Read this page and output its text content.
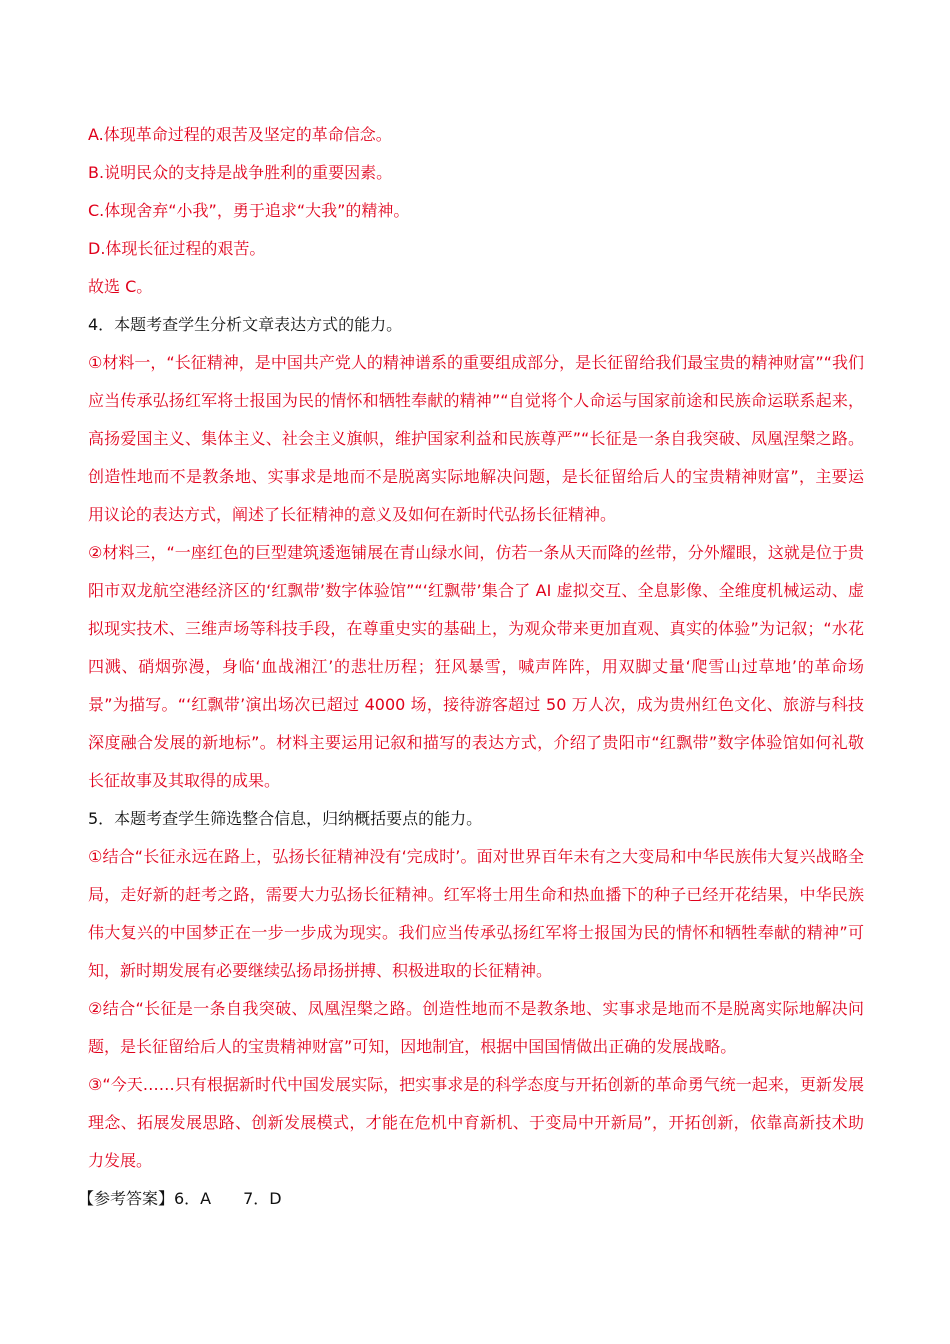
A.体现革命过程的艰苦及坚定的革命信念。

B.说明民众的支持是战争胜利的重要因素。

C.体现舍弃“小我”，勇于追求“大我”的精神。

D.体现长征过程的艰苦。

故选 C。

4．本题考查学生分析文章表达方式的能力。

①材料一，“长征精神，是中国共产党人的精神谱系的重要组成部分，是长征留给我们最宝贵的精神财富”“我们应当传承弘扬红军将士报国为民的情怀和牺牲奉献的精神”“自觉将个人命运与国家前途和民族命运联系起来，高扬爱国主义、集体主义、社会主义旗帜，维护国家利益和民族尊严”“长征是一条自我突破、凤凰涅槃之路。创造性地而不是教条地、实事求是地而不是脱离实际地解决问题，是长征留给后人的宝贵精神财富”，主要运用议论的表达方式，阐述了长征精神的意义及如何在新时代弘扬长征精神。

②材料三，“一座红色的巨型建筑逶迤铺展在青山绿水间，仿若一条从天而降的丝带，分外耀眼，这就是位于贵阳市双龙航空港经济区的‘红飘带’数字体验馆”“‘红飘带’集合了 AI 虚拟交互、全息影像、全维度机械运动、虚拟现实技术、三维声场等科技手段，在尊重史实的基础上，为观众带来更加直观、真实的体验”为记叙；“水花四溅、硝烟弥漫，身临‘血战湘江’的悲壮历程；狂风暴雪，喊声阵阵，用双脚丈量‘爬雪山过草地’的革命场景”为描写。“‘红飘带’演出场次已超过 4000 场，接待游客超过 50 万人次，成为贵州红色文化、旅游与科技深度融合发展的新地标”。材料主要运用记叙和描写的表达方式，介绍了贵阳市“红飘带”数字体验馆如何礼敬长征故事及其取得的成果。

5．本题考查学生筛选整合信息，归纳概括要点的能力。

①结合“长征永远在路上，弘扬长征精神没有‘完成时’。面对世界百年未有之大变局和中华民族伟大复兴战略全局，走好新的赶考之路，需要大力弘扬长征精神。红军将士用生命和热血播下的种子已经开花结果，中华民族伟大复兴的中国梦正在一步一步成为现实。我们应当传承弘扬红军将士报国为民的情怀和牺牲奉献的精神”可知，新时期发展有必要继续弘扬昂扬拼搏、积极进取的长征精神。

②结合“长征是一条自我突破、凤凰涅槃之路。创造性地而不是教条地、实事求是地而不是脱离实际地解决问题，是长征留给后人的宝贵精神财富”可知，因地制宜，根据中国国情做出正确的发展战略。

③“今天……只有根据新时代中国发展实际，把实事求是的科学态度与开拓创新的革命勇气统一起来，更新发展理念、拓展发展思路、创新发展模式，才能在危机中育新机、于变局中开新局”，开拓创新，依靠高新技术助力发展。

【参考答案】6．A　　7．D
